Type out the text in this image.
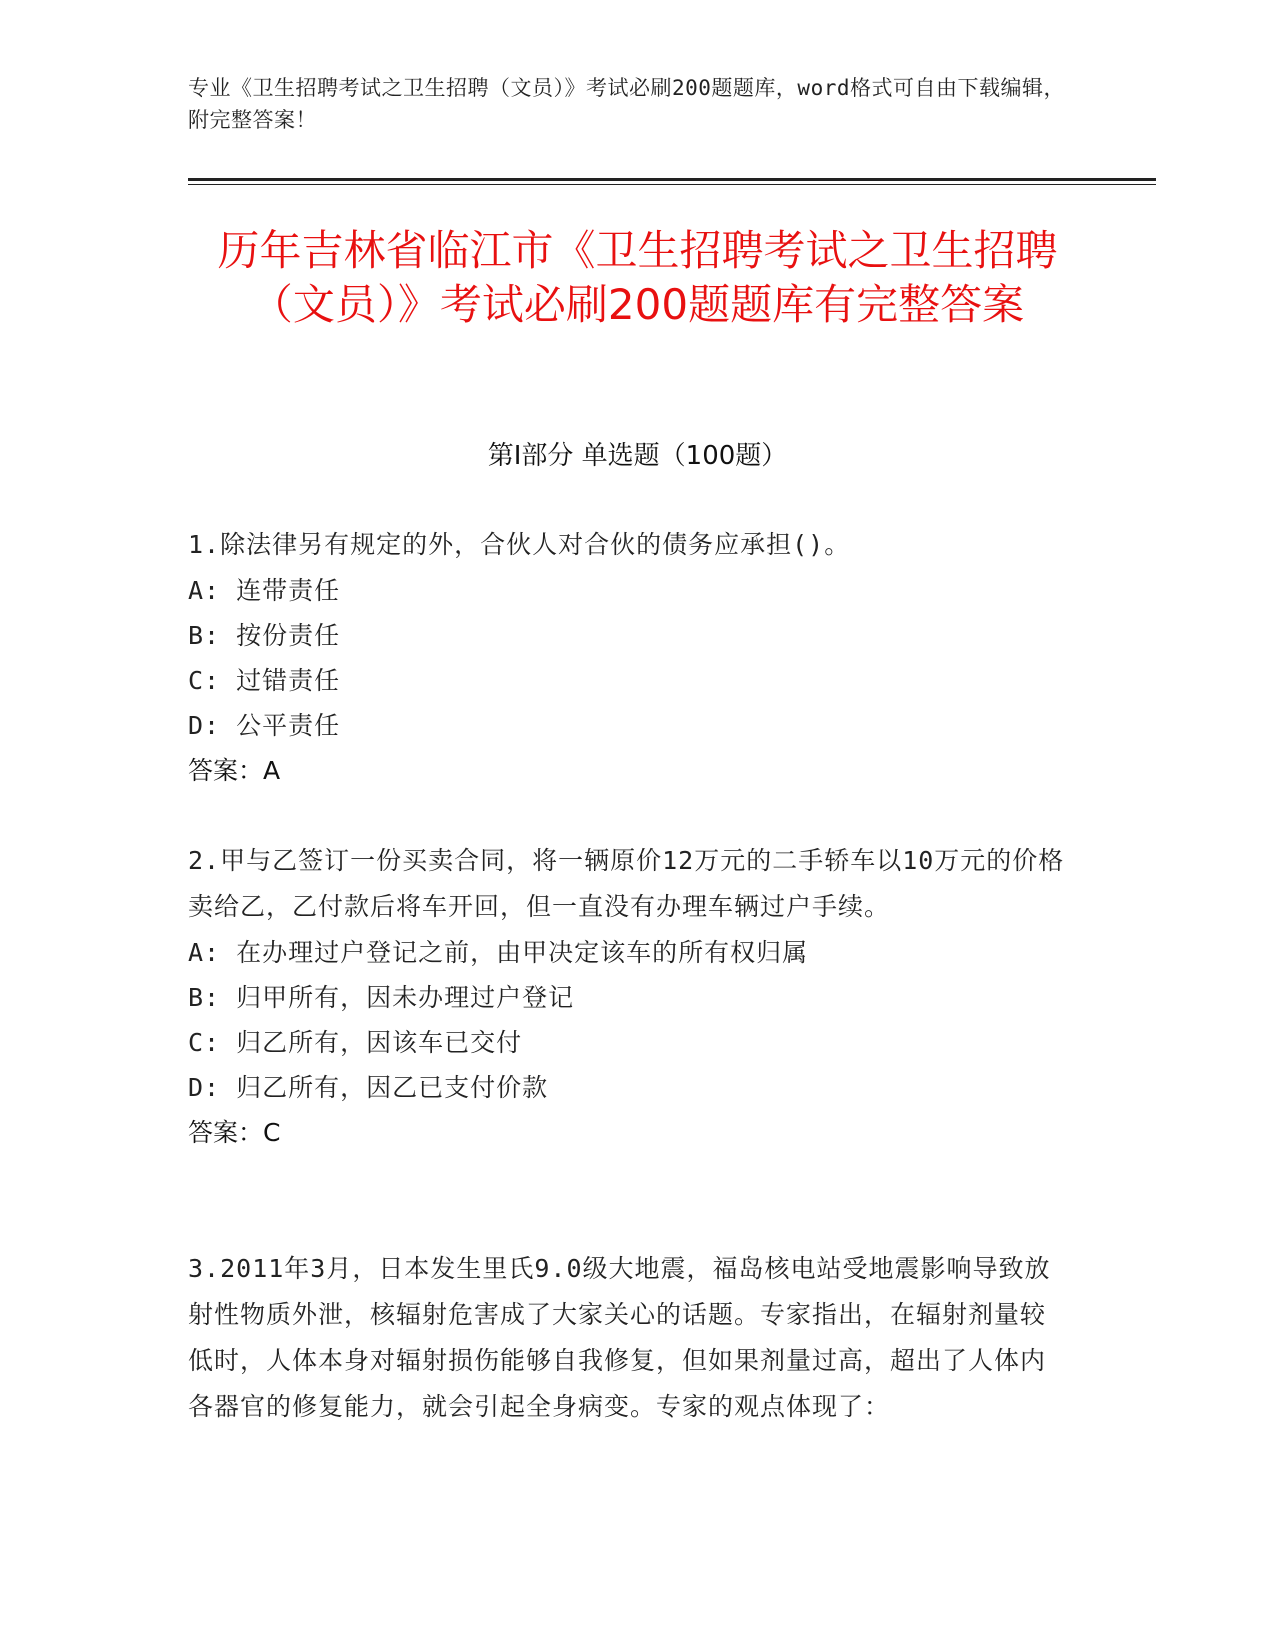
专业《卫生招聘考试之卫生招聘（文员）》考试必刷200题题库，word格式可自由下载编辑，附完整答案！
历年吉林省临江市《卫生招聘考试之卫生招聘（文员）》考试必刷200题题库有完整答案
第Ⅰ部分 单选题（100题）

1.除法律另有规定的外，合伙人对合伙的债务应承担()。

A: 连带责任

B: 按份责任

C: 过错责任

D: 公平责任

答案：A

2.甲与乙签订一份买卖合同，将一辆原价12万元的二手轿车以10万元的价格卖给乙，乙付款后将车开回，但一直没有办理车辆过户手续。

A: 在办理过户登记之前，由甲决定该车的所有权归属

B: 归甲所有，因未办理过户登记

C: 归乙所有，因该车已交付

D: 归乙所有，因乙已支付价款

答案：C

3.2011年3月，日本发生里氏9.0级大地震，福岛核电站受地震影响导致放射性物质外泄，核辐射危害成了大家关心的话题。专家指出，在辐射剂量较低时，人体本身对辐射损伤能够自我修复，但如果剂量过高，超出了人体内各器官的修复能力，就会引起全身病变。专家的观点体现了：
